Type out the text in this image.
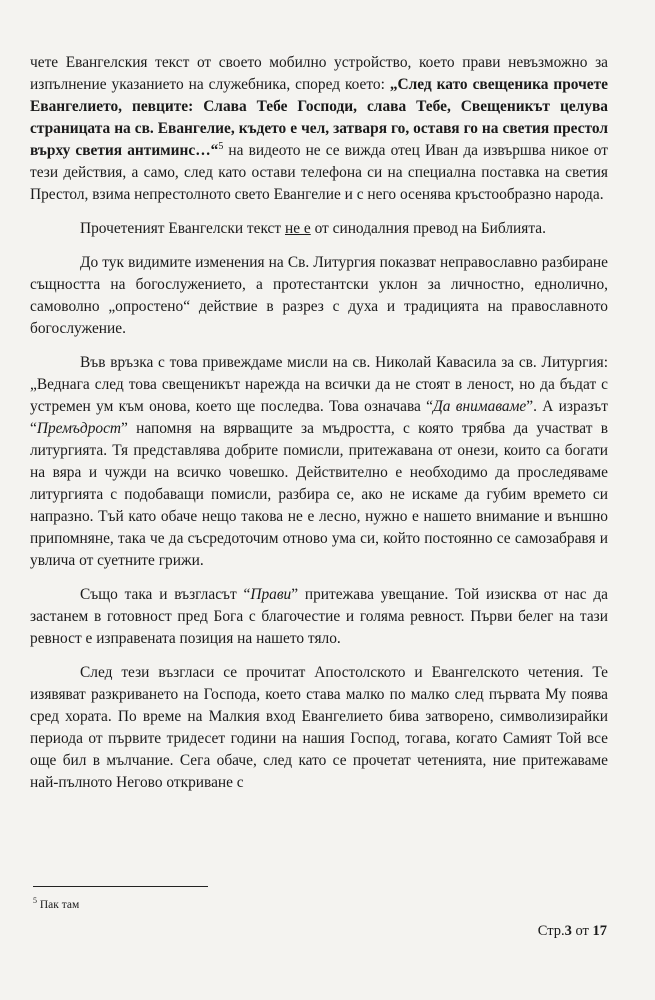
чете Евангелския текст от своето мобилно устройство, което прави невъзможно за изпълнение указанието на служебника, според което: „След като свещеника прочете Евангелието, певците: Слава Тебе Господи, слава Тебе, Свещеникът целува страницата на св. Евангелие, където е чел, затваря го, оставя го на светия престол върху светия антиминс…“$^5$ на видеото не се вижда отец Иван да извършва никое от тези действия, а само, след като остави телефона си на специална поставка на светия Престол, взима непрестолното свето Евангелие и с него осенява кръстообразно народа.

Прочетеният Евангелски текст не е от синодалния превод на Библията.

До тук видимите изменения на Св. Литургия показват неправославно разбиране същността на богослужението, а протестантски уклон за личностно, еднолично, самоволно „опростено“ действие в разрез с духа и традицията на православното богослужение.

Във връзка с това привеждаме мисли на св. Николай Кавасила за св. Литургия: „Веднага след това свещеникът нарежда на всички да не стоят в леност, но да бъдат с устремен ум към онова, което ще последва. Това означава “Да внимаваме”. А изразът “Премъдрост” напомня на вярващите за мъдростта, с която трябва да участват в литургията. Тя представлява добрите помисли, притежавана от онези, които са богати на вяра и чужди на всичко човешко. Действително е необходимо да проследяваме литургията с подобаващи помисли, разбира се, ако не искаме да губим времето си напразно. Тъй като обаче нещо такова не е лесно, нужно е нашето внимание и външно припомняне, така че да съсредоточим отново ума си, който постоянно се самозабравя и увлича от суетните грижи.

Също така и възгласът “Прави” притежава увещание. Той изисква от нас да застанем в готовност пред Бога с благочестие и голяма ревност. Първи белег на тази ревност е изправената позиция на нашето тяло.

След тези възгласи се прочитат Апостолското и Евангелското четения. Те изявяват разкриването на Господа, което става малко по малко след първата Му поява сред хората. По време на Малкия вход Евангелието бива затворено, символизирайки периода от първите тридесет години на нашия Господ, тогава, когато Самият Той все още бил в мълчание. Сега обаче, след като се прочетат четенията, ние притежаваме най-пълното Негово откриване с

$^5$ Пак там
Стр.3 от 17
